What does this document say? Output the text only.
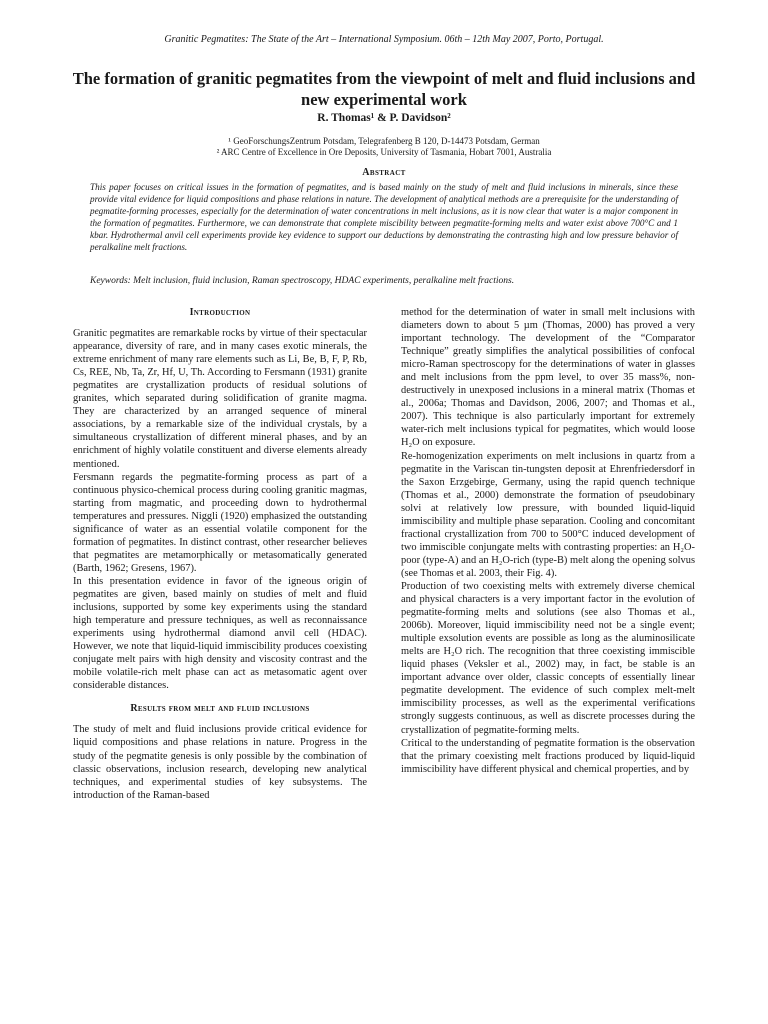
Granitic Pegmatites: The State of the Art – International Symposium. 06th – 12th May 2007, Porto, Portugal.
The formation of granitic pegmatites from the viewpoint of melt and fluid inclusions and new experimental work
R. Thomas¹ & P. Davidson²
¹ GeoForschungsZentrum Potsdam, Telegrafenberg B 120, D-14473 Potsdam, German
² ARC Centre of Excellence in Ore Deposits, University of Tasmania, Hobart 7001, Australia
Abstract
This paper focuses on critical issues in the formation of pegmatites, and is based mainly on the study of melt and fluid inclusions in minerals, since these provide vital evidence for liquid compositions and phase relations in nature. The development of analytical methods are a prerequisite for the understanding of pegmatite-forming processes, especially for the determination of water concentrations in melt inclusions, as it is now clear that water is a major component in the formation of pegmatites. Furthermore, we can demonstrate that complete miscibility between pegmatite-forming melts and water exist above 700°C and 1 kbar. Hydrothermal anvil cell experiments provide key evidence to support our deductions by demonstrating the contrasting high and low pressure behavior of peralkaline melt fractions.
Keywords: Melt inclusion, fluid inclusion, Raman spectroscopy, HDAC experiments, peralkaline melt fractions.
Introduction

Granitic pegmatites are remarkable rocks by virtue of their spectacular appearance, diversity of rare, and in many cases exotic minerals, the extreme enrichment of many rare elements such as Li, Be, B, F, P, Rb, Cs, REE, Nb, Ta, Zr, Hf, U, Th. According to Fersmann (1931) granite pegmatites are crystallization products of residual solutions of granites, which separated during solidification of granite magma. They are characterized by an arranged sequence of mineral associations, by a remarkable size of the individual crystals, by a simultaneous crystallization of different mineral phases, and by an enrichment of highly volatile constituent and diverse elements already mentioned.

Fersmann regards the pegmatite-forming process as part of a continuous physico-chemical process during cooling granitic magmas, starting from magmatic, and proceeding down to hydrothermal temperatures and pressures. Niggli (1920) emphasized the outstanding significance of water as an essential volatile component for the formation of pegmatites. In distinct contrast, other researcher believes that pegmatites are metamorphically or metasomatically generated (Barth, 1962; Gresens, 1967).

In this presentation evidence in favor of the igneous origin of pegmatites are given, based mainly on studies of melt and fluid inclusions, supported by some key experiments using the standard high temperature and pressure techniques, as well as reconnaissance experiments using hydrothermal diamond anvil cell (HDAC). However, we note that liquid-liquid immiscibility produces coexisting conjugate melt pairs with high density and viscosity contrast and the mobile volatile-rich melt phase can act as metasomatic agent over considerable distances.

Results from melt and fluid inclusions

The study of melt and fluid inclusions provide critical evidence for liquid compositions and phase relations in nature. Progress in the study of the pegmatite genesis is only possible by the combination of classic observations, inclusion research, developing new analytical techniques, and experimental studies of key subsystems. The introduction of the Raman-based

method for the determination of water in small melt inclusions with diameters down to about 5 µm (Thomas, 2000) has proved a very important technology. The development of the “Comparator Technique” greatly simplifies the analytical possibilities of confocal micro-Raman spectroscopy for the determinations of water in glasses and melt inclusions from the ppm level, to over 35 mass%, non-destructively in unexposed inclusions in a mineral matrix (Thomas et al., 2006a; Thomas and Davidson, 2006, 2007; and Thomas et al., 2007). This technique is also particularly important for extremely water-rich melt inclusions typical for pegmatites, which would loose H₂O on exposure.

Re-homogenization experiments on melt inclusions in quartz from a pegmatite in the Variscan tin-tungsten deposit at Ehrenfriedersdorf in the Saxon Erzgebirge, Germany, using the rapid quench technique (Thomas et al., 2000) demonstrate the formation of pseudobinary solvi at relatively low pressure, with bounded liquid-liquid immiscibility and multiple phase separation. Cooling and concomitant fractional crystallization from 700 to 500°C induced development of two immiscible conjungate melts with contrasting properties: an H₂O-poor (type-A) and an H₂O-rich (type-B) melt along the opening solvus (see Thomas et al. 2003, their Fig. 4).

Production of two coexisting melts with extremely diverse chemical and physical characters is a very important factor in the evolution of pegmatite-forming melts and solutions (see also Thomas et al., 2006b). Moreover, liquid immiscibility need not be a single event; multiple exsolution events are possible as long as the aluminosilicate melts are H₂O rich. The recognition that three coexisting immiscible liquid phases (Veksler et al., 2002) may, in fact, be stable is an important advance over older, classic concepts of essentially linear pegmatite development. The evidence of such complex melt-melt immiscibility processes, as well as the experimental verifications strongly suggests continuous, as well as discrete processes during the crystallization of pegmatite-forming melts.

Critical to the understanding of pegmatite formation is the observation that the primary coexisting melt fractions produced by liquid-liquid immiscibility have different physical and chemical properties, and by
